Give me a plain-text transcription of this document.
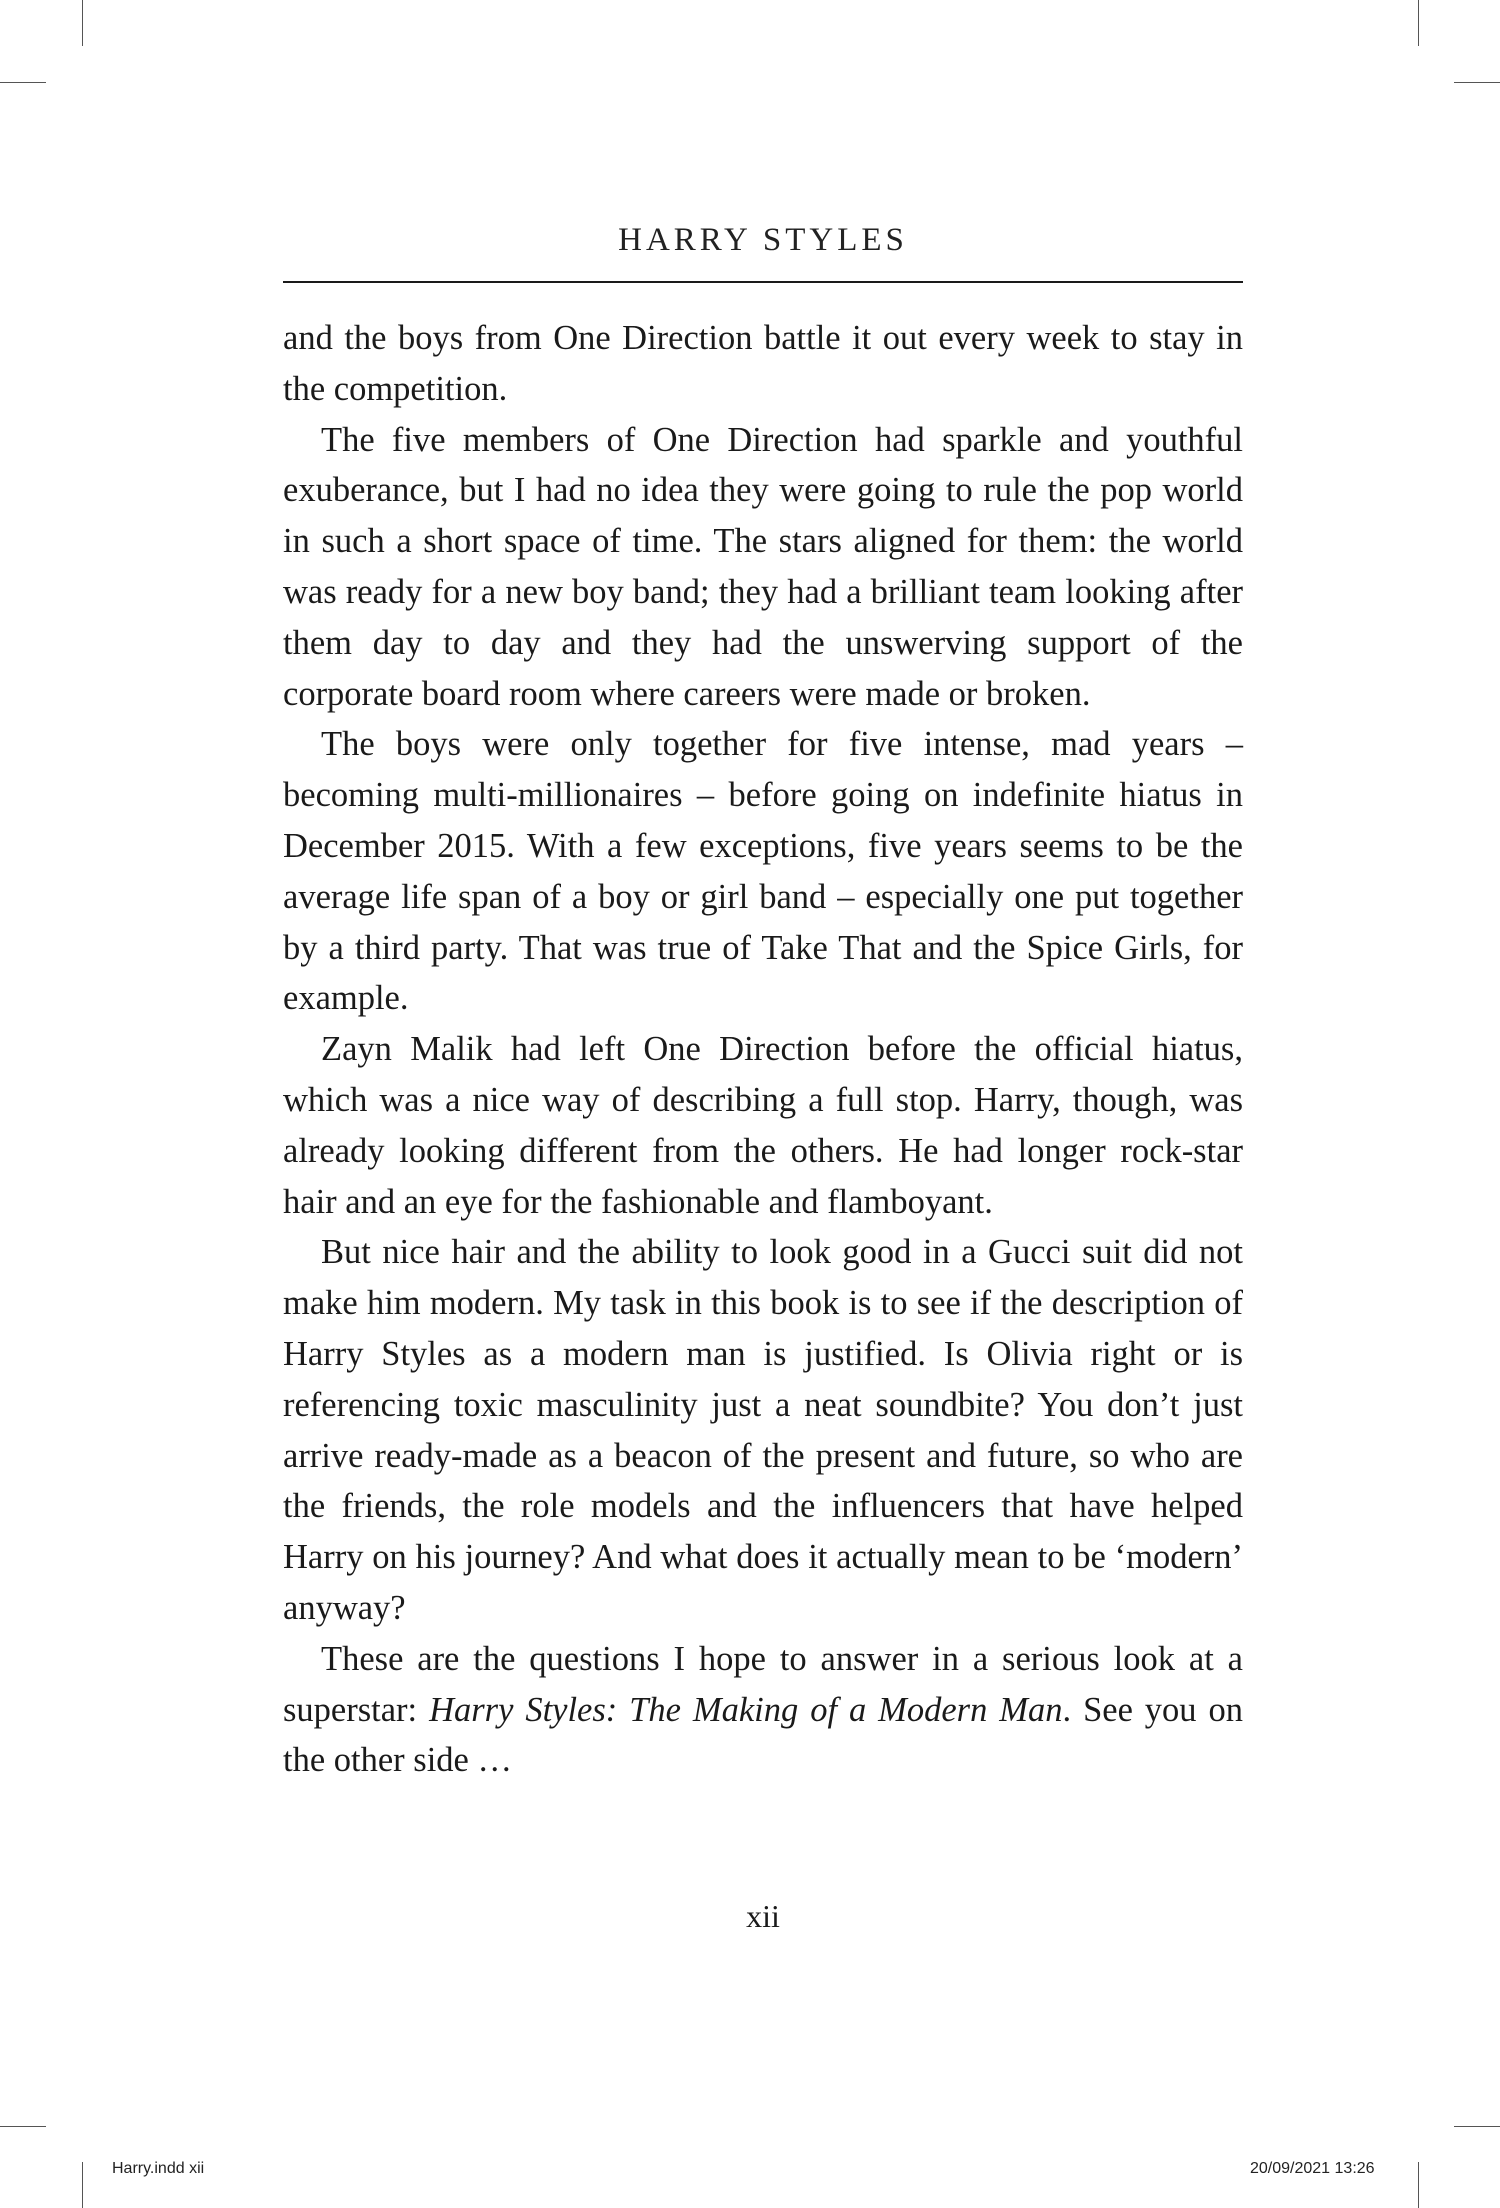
HARRY STYLES

and the boys from One Direction battle it out every week to stay in the competition.

The five members of One Direction had sparkle and youthful exuberance, but I had no idea they were going to rule the pop world in such a short space of time. The stars aligned for them: the world was ready for a new boy band; they had a brilliant team looking after them day to day and they had the unswerving support of the corporate board room where careers were made or broken.

The boys were only together for five intense, mad years – becoming multi-millionaires – before going on indefinite hiatus in December 2015. With a few exceptions, five years seems to be the average life span of a boy or girl band – especially one put together by a third party. That was true of Take That and the Spice Girls, for example.

Zayn Malik had left One Direction before the official hiatus, which was a nice way of describing a full stop. Harry, though, was already looking different from the others. He had longer rock-star hair and an eye for the fashionable and flamboyant.

But nice hair and the ability to look good in a Gucci suit did not make him modern. My task in this book is to see if the description of Harry Styles as a modern man is justified. Is Olivia right or is referencing toxic masculinity just a neat soundbite? You don’t just arrive ready-made as a beacon of the present and future, so who are the friends, the role models and the influencers that have helped Harry on his journey? And what does it actually mean to be ‘modern’ anyway?

These are the questions I hope to answer in a serious look at a superstar: Harry Styles: The Making of a Modern Man. See you on the other side …

xii
Harry.indd xii	20/09/2021 13:26
